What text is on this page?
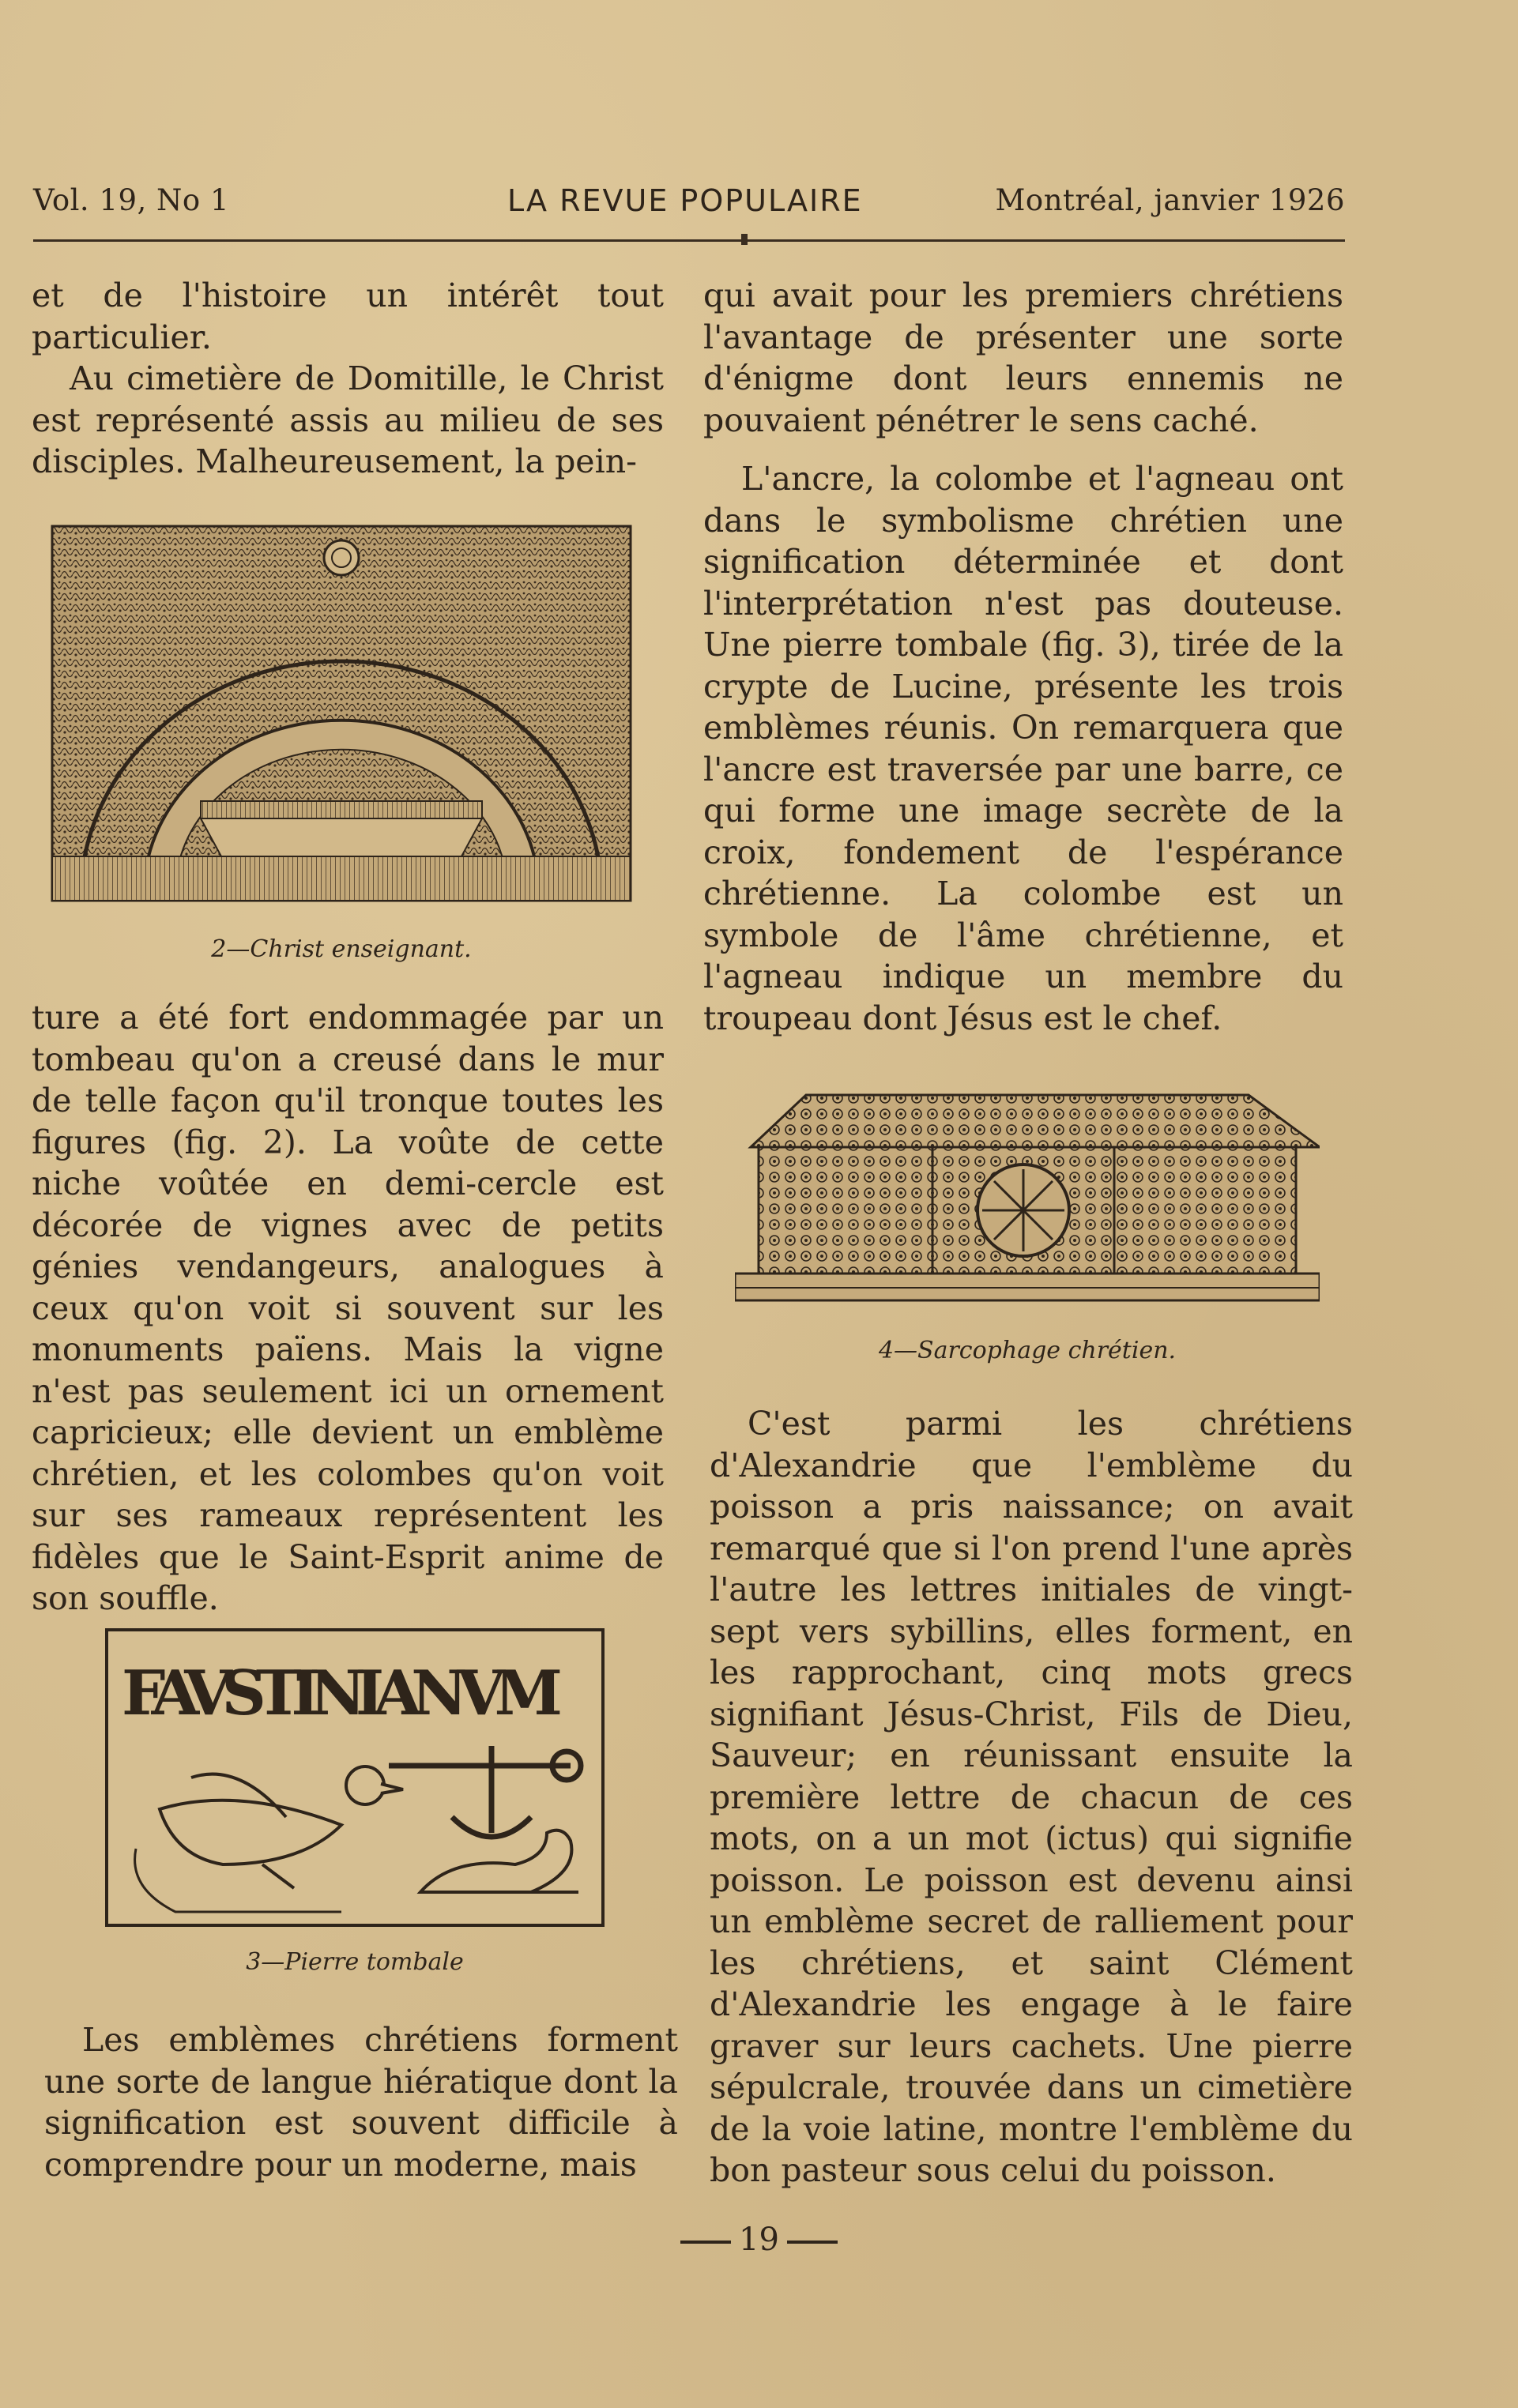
Vol. 19, No 1	LA REVUE POPULAIRE	Montréal, janvier 1926

et de l'histoire un intérêt tout particulier.

Au cimetière de Domitille, le Christ est représenté assis au milieu de ses disciples. Malheureusement, la pein-

2—Christ enseignant.

ture a été fort endommagée par un tombeau qu'on a creusé dans le mur de telle façon qu'il tronque toutes les figures (fig. 2). La voûte de cette niche voûtée en demi-cercle est décorée de vignes avec de petits génies vendangeurs, analogues à ceux qu'on voit si souvent sur les monuments païens. Mais la vigne n'est pas seulement ici un ornement capricieux; elle devient un emblème chrétien, et les colombes qu'on voit sur ses rameaux représentent les fidèles que le Saint-Esprit anime de son souffle.

FAVSTINIANVM
3—Pierre tombale

Les emblèmes chrétiens forment une sorte de langue hiératique dont la signification est souvent difficile à comprendre pour un moderne, mais

qui avait pour les premiers chrétiens l'avantage de présenter une sorte d'énigme dont leurs ennemis ne pouvaient pénétrer le sens caché.

L'ancre, la colombe et l'agneau ont dans le symbolisme chrétien une signification déterminée et dont l'interprétation n'est pas douteuse. Une pierre tombale (fig. 3), tirée de la crypte de Lucine, présente les trois emblèmes réunis. On remarquera que l'ancre est traversée par une barre, ce qui forme une image secrète de la croix, fondement de l'espérance chrétienne. La colombe est un symbole de l'âme chrétienne, et l'agneau indique un membre du troupeau dont Jésus est le chef.

4—Sarcophage chrétien.

C'est parmi les chrétiens d'Alexandrie que l'emblème du poisson a pris naissance; on avait remarqué que si l'on prend l'une après l'autre les lettres initiales de vingt-sept vers sybillins, elles forment, en les rapprochant, cinq mots grecs signifiant Jésus-Christ, Fils de Dieu, Sauveur; en réunissant ensuite la première lettre de chacun de ces mots, on a un mot (ictus) qui signifie poisson. Le poisson est devenu ainsi un emblème secret de ralliement pour les chrétiens, et saint Clément d'Alexandrie les engage à le faire graver sur leurs cachets. Une pierre sépulcrale, trouvée dans un cimetière de la voie latine, montre l'emblème du bon pasteur sous celui du poisson.

19
